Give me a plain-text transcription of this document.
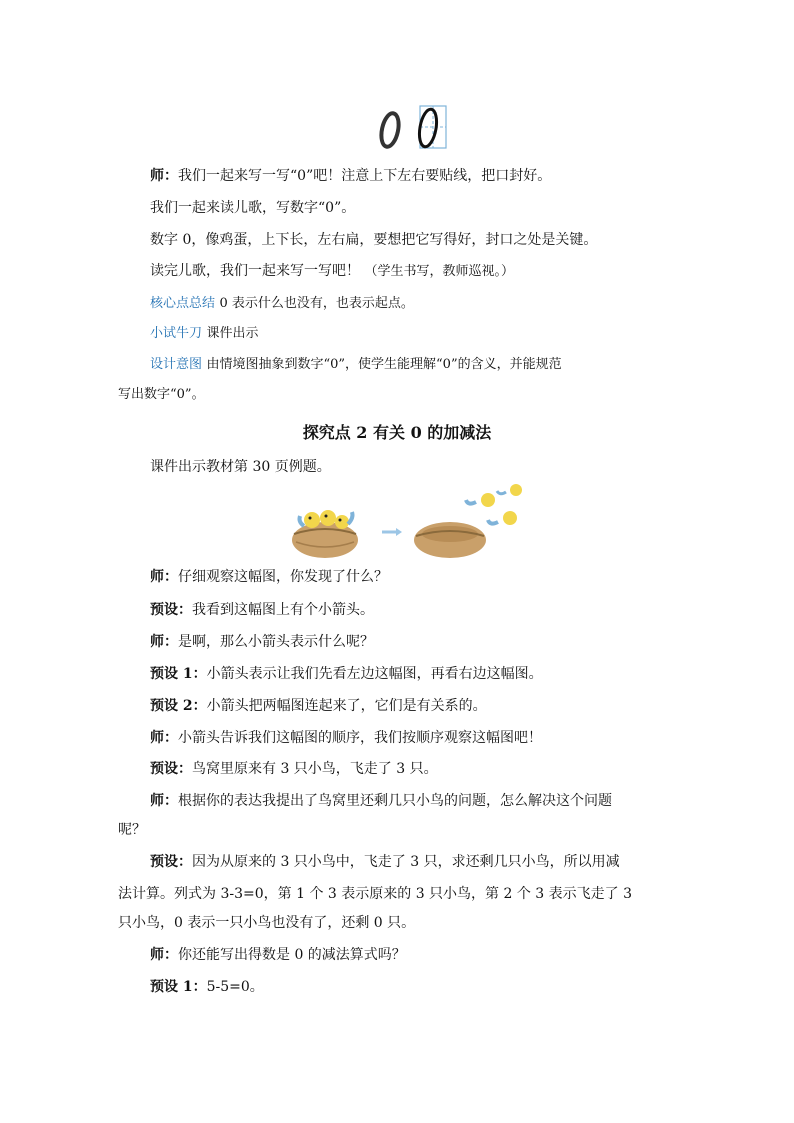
师：我们一起来写一写“0”吧！注意上下左右要贴线，把口封好。
我们一起来读儿歌，写数字“0”。
数字 0，像鸡蛋，上下长，左右扁，要想把它写得好，封口之处是关键。
读完儿歌，我们一起来写一写吧！ （学生书写，教师巡视。）
核心点总结 0 表示什么也没有，也表示起点。
小试牛刀 课件出示
设计意图 由情境图抽象到数字“0”，使学生能理解“0”的含义，并能规范
写出数字“0”。
探究点 2 有关 0 的加减法
课件出示教材第 30 页例题。
师：仔细观察这幅图，你发现了什么？
预设：我看到这幅图上有个小箭头。
师：是啊，那么小箭头表示什么呢？
预设 1：小箭头表示让我们先看左边这幅图，再看右边这幅图。
预设 2：小箭头把两幅图连起来了，它们是有关系的。
师：小箭头告诉我们这幅图的顺序，我们按顺序观察这幅图吧！
预设：鸟窝里原来有 3 只小鸟，飞走了 3 只。
师：根据你的表达我提出了鸟窝里还剩几只小鸟的问题，怎么解决这个问题
呢？
预设：因为从原来的 3 只小鸟中，飞走了 3 只，求还剩几只小鸟，所以用减
法计算。列式为 3-3=0，第 1 个 3 表示原来的 3 只小鸟，第 2 个 3 表示飞走了 3
只小鸟，0 表示一只小鸟也没有了，还剩 0 只。
师：你还能写出得数是 0 的减法算式吗？
预设 1：5-5=0。
